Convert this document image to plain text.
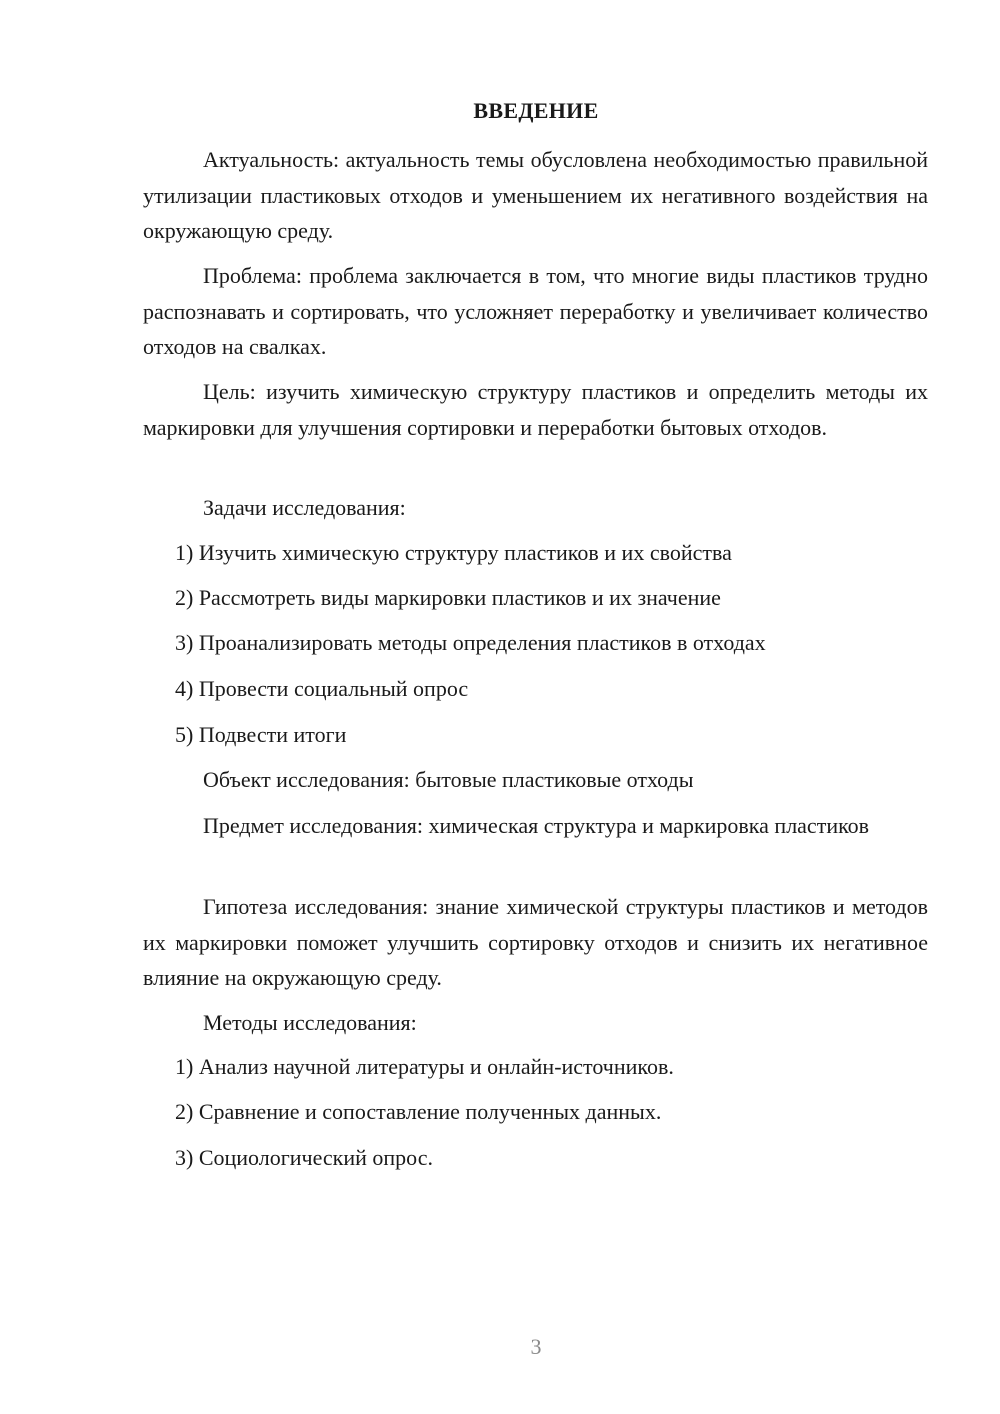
ВВЕДЕНИЕ

Актуальность: актуальность темы обусловлена необходимостью правильной утилизации пластиковых отходов и уменьшением их негативного воздействия на окружающую среду.

Проблема: проблема заключается в том, что многие виды пластиков трудно распознавать и сортировать, что усложняет переработку и увеличивает количество отходов на свалках.

Цель: изучить химическую структуру пластиков и определить методы их маркировки для улучшения сортировки и переработки бытовых отходов.

Задачи исследования:

1) Изучить химическую структуру пластиков и их свойства

2) Рассмотреть виды маркировки пластиков и их значение

3) Проанализировать методы определения пластиков в отходах

4) Провести социальный опрос

5) Подвести итоги

Объект исследования: бытовые пластиковые отходы

Предмет исследования: химическая структура и маркировка пластиков

Гипотеза исследования: знание химической структуры пластиков и методов их маркировки поможет улучшить сортировку отходов и снизить их негативное влияние на окружающую среду.

Методы исследования:

1) Анализ научной литературы и онлайн-источников.

2) Сравнение и сопоставление полученных данных.

3) Социологический опрос.

3
